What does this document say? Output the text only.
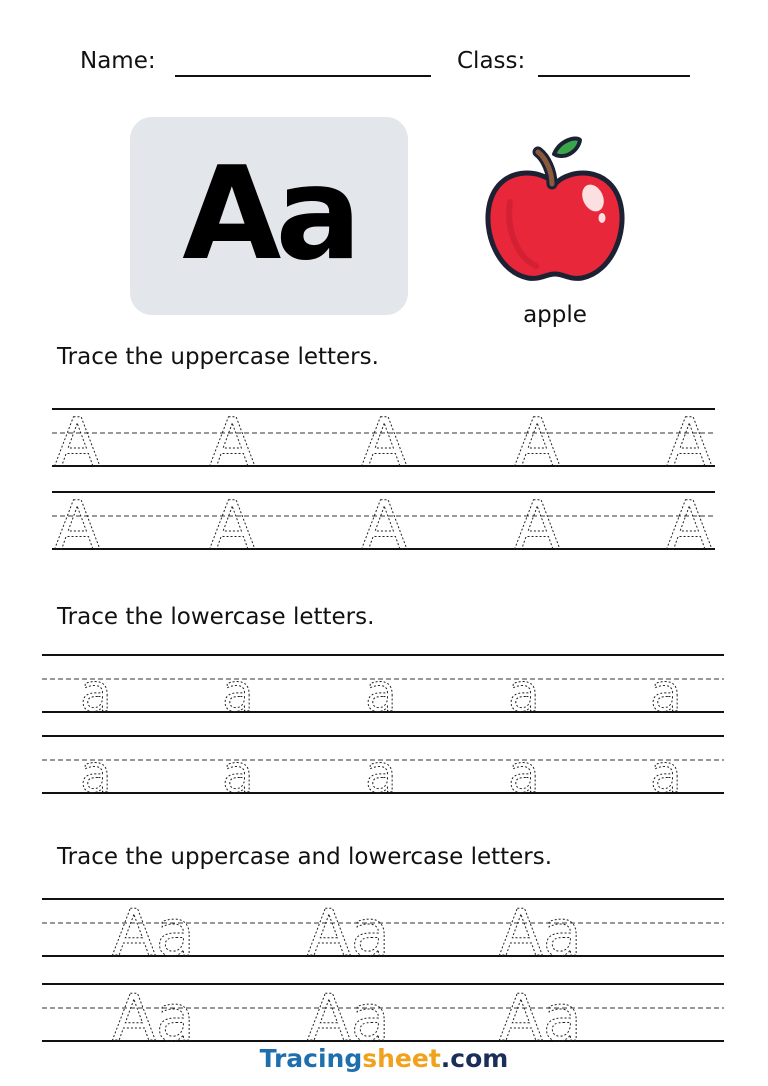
Name:	Class:
Aa
apple
Trace the uppercase letters.
A A A A A
A A A A A
Trace the lowercase letters.
a a a a a
a a a a a
Trace the uppercase and lowercase letters.
Aa Aa Aa
Aa Aa Aa
Tracingsheet.com
